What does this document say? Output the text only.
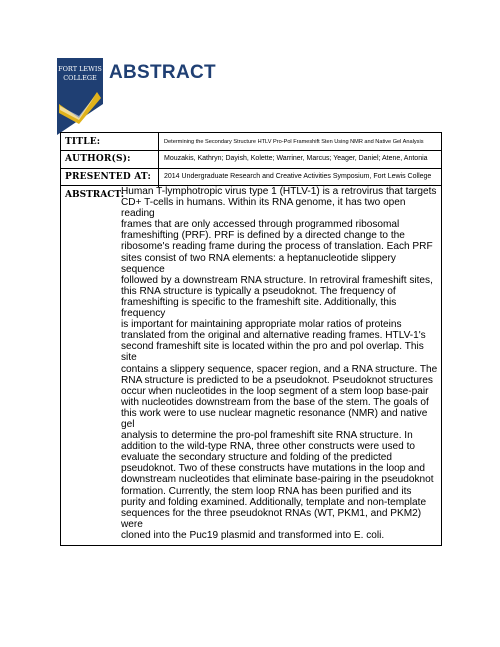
FORT LEWIS
COLLEGE ABSTRACT
TITLE:	Determining the Secondary Structure HTLV Pro-Pol Frameshift Sten Using NMR and Native Gel Analysis
AUTHOR(S):	Mouzakis, Kathryn; Dayish, Kolette; Warriner, Marcus; Yeager, Daniel; Atene, Antonia
PRESENTED AT: 2014 Undergraduate Research and Creative Activities Symposium, Fort Lewis College
ABSTRACT:
Human T-lymphotropic virus type 1 (HTLV-1) is a retrovirus that targets
CD+ T-cells in humans. Within its RNA genome, it has two open reading
frames that are only accessed through programmed ribosomal
frameshifting (PRF). PRF is defined by a directed change to the
ribosome's reading frame during the process of translation. Each PRF
sites consist of two RNA elements: a heptanucleotide slippery sequence
followed by a downstream RNA structure. In retroviral frameshift sites,
this RNA structure is typically a pseudoknot. The frequency of
frameshifting is specific to the frameshift site. Additionally, this frequency
is important for maintaining appropriate molar ratios of proteins
translated from the original and alternative reading frames. HTLV-1's
second frameshift site is located within the pro and pol overlap. This site
contains a slippery sequence, spacer region, and a RNA structure. The
RNA structure is predicted to be a pseudoknot. Pseudoknot structures
occur when nucleotides in the loop segment of a stem loop base-pair
with nucleotides downstream from the base of the stem. The goals of
this work were to use nuclear magnetic resonance (NMR) and native gel
analysis to determine the pro-pol frameshift site RNA structure. In
addition to the wild-type RNA, three other constructs were used to
evaluate the secondary structure and folding of the predicted
pseudoknot. Two of these constructs have mutations in the loop and
downstream nucleotides that eliminate base-pairing in the pseudoknot
formation. Currently, the stem loop RNA has been purified and its
purity and folding examined. Additionally, template and non-template
sequences for the three pseudoknot RNAs (WT, PKM1, and PKM2) were
cloned into the Puc19 plasmid and transformed into E. coli.
